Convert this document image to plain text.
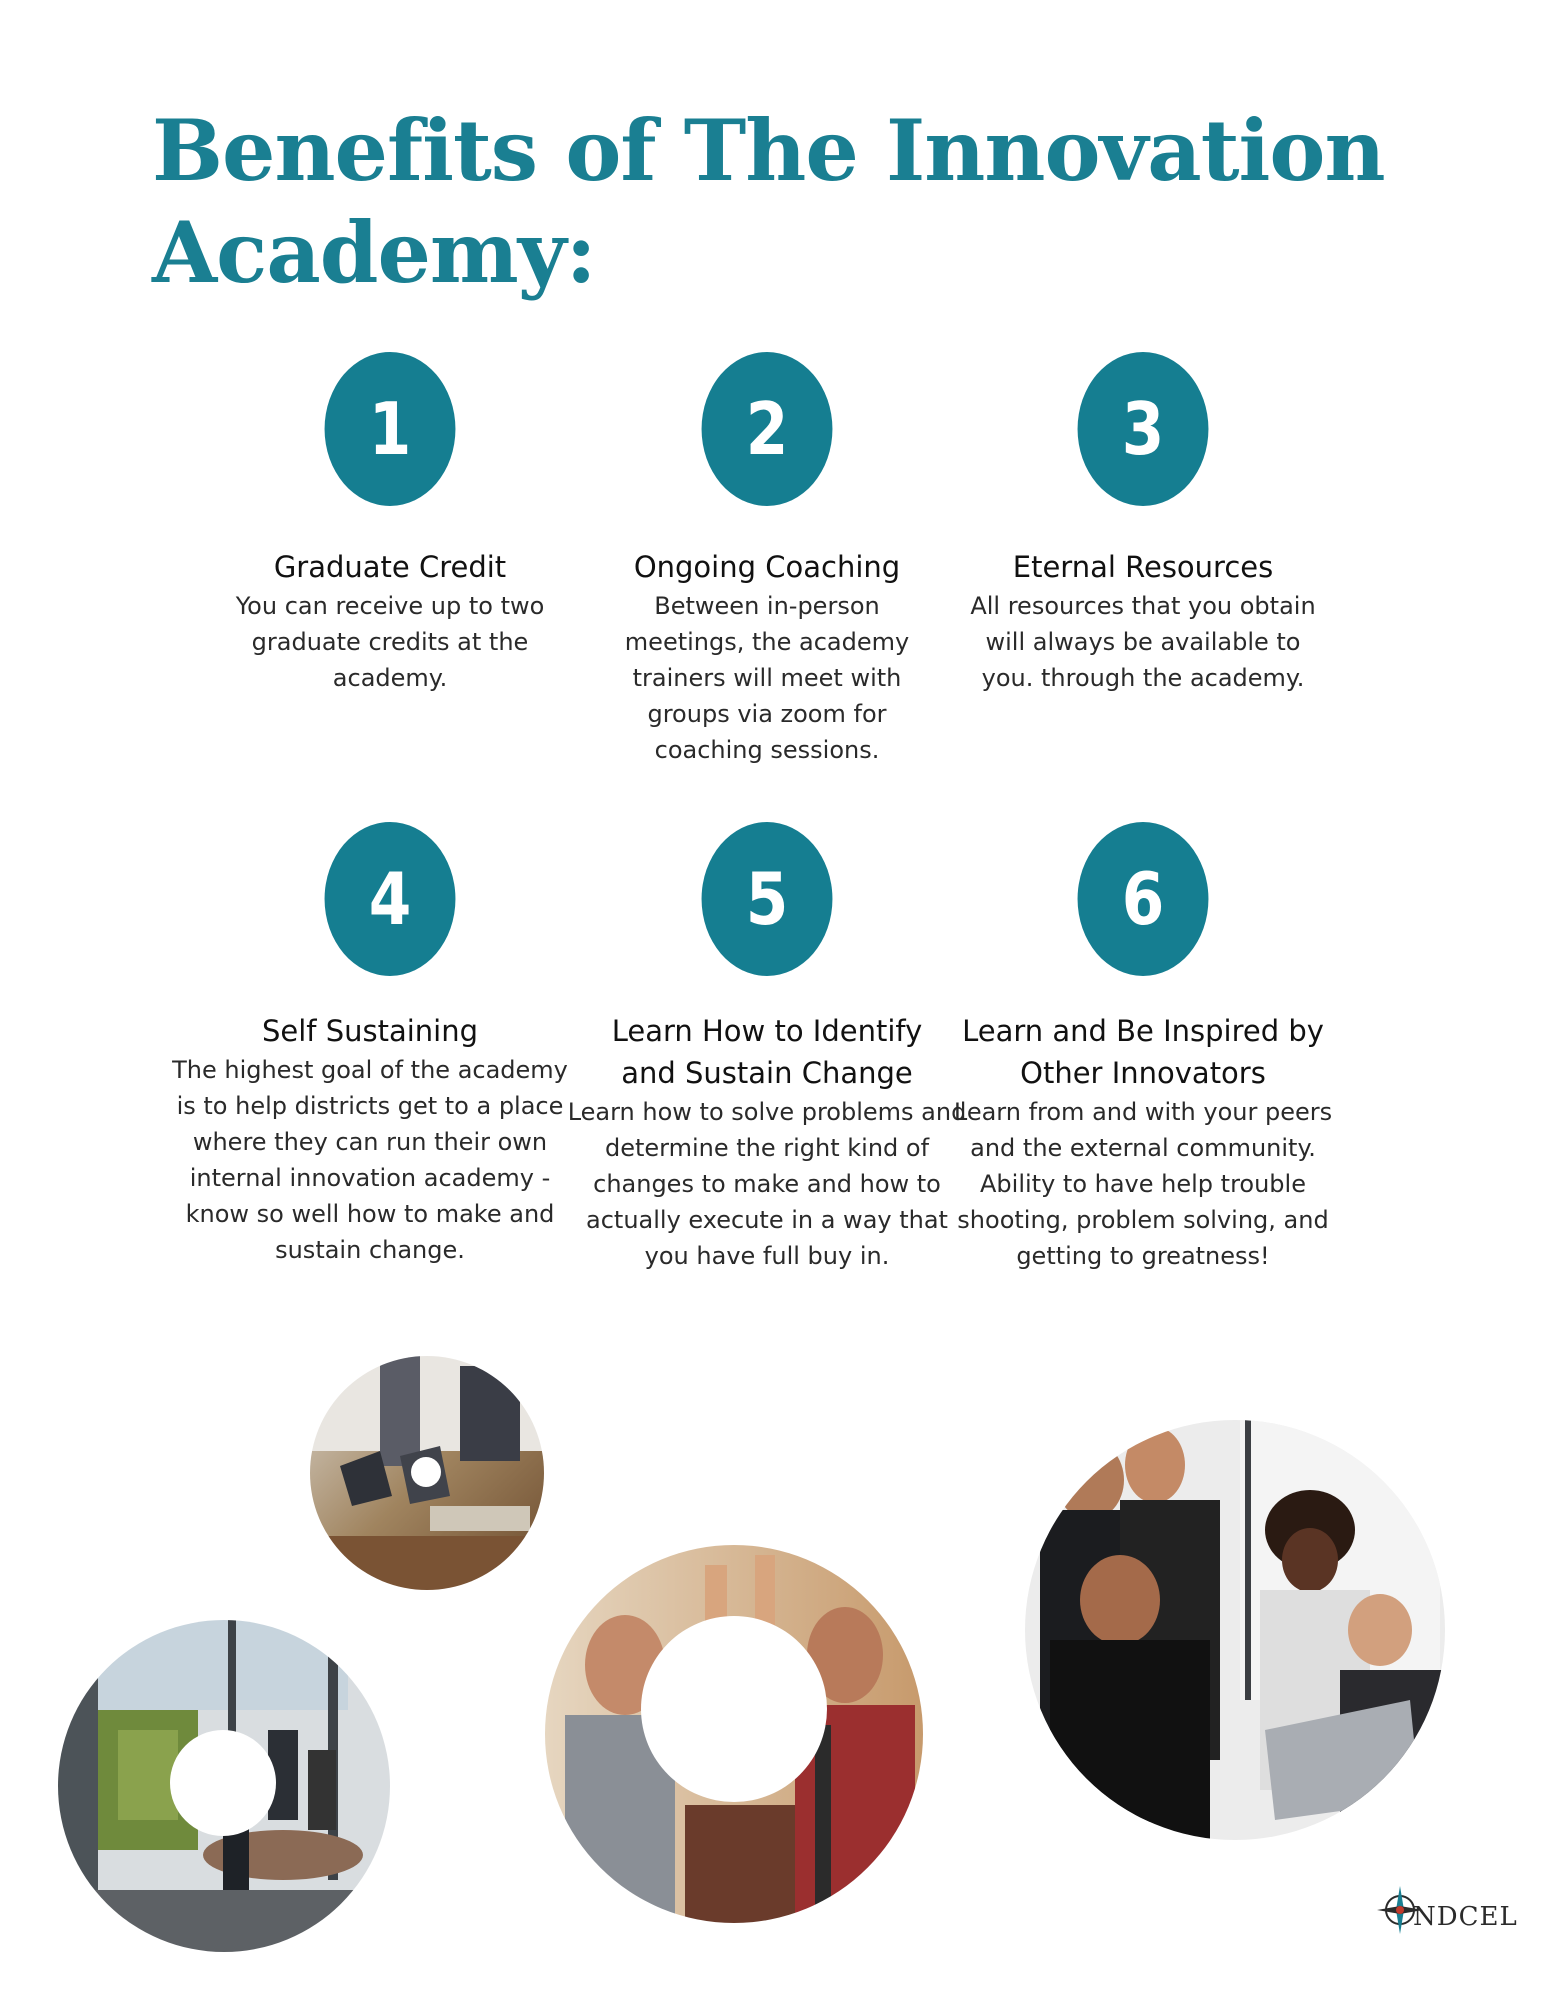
Benefits of The Innovation Academy:
1

Graduate Credit

You can receive up to two graduate credits at the academy.

2

Ongoing Coaching

Between in-person meetings, the academy trainers will meet with groups via zoom for coaching sessions.

3

Eternal Resources

All resources that you obtain will always be available to you. through the academy.

4

Self Sustaining

The highest goal of the academy is to help districts get to a place where they can run their own internal innovation academy - know so well how to make and sustain change.

5

Learn How to Identify and Sustain Change

Learn how to solve problems and determine the right kind of changes to make and how to actually execute in a way that you have full buy in.

6

Learn and Be Inspired by Other Innovators

Learn from and with your peers and the external community. Ability to have help trouble shooting, problem solving, and getting to greatness!

NDCEL
